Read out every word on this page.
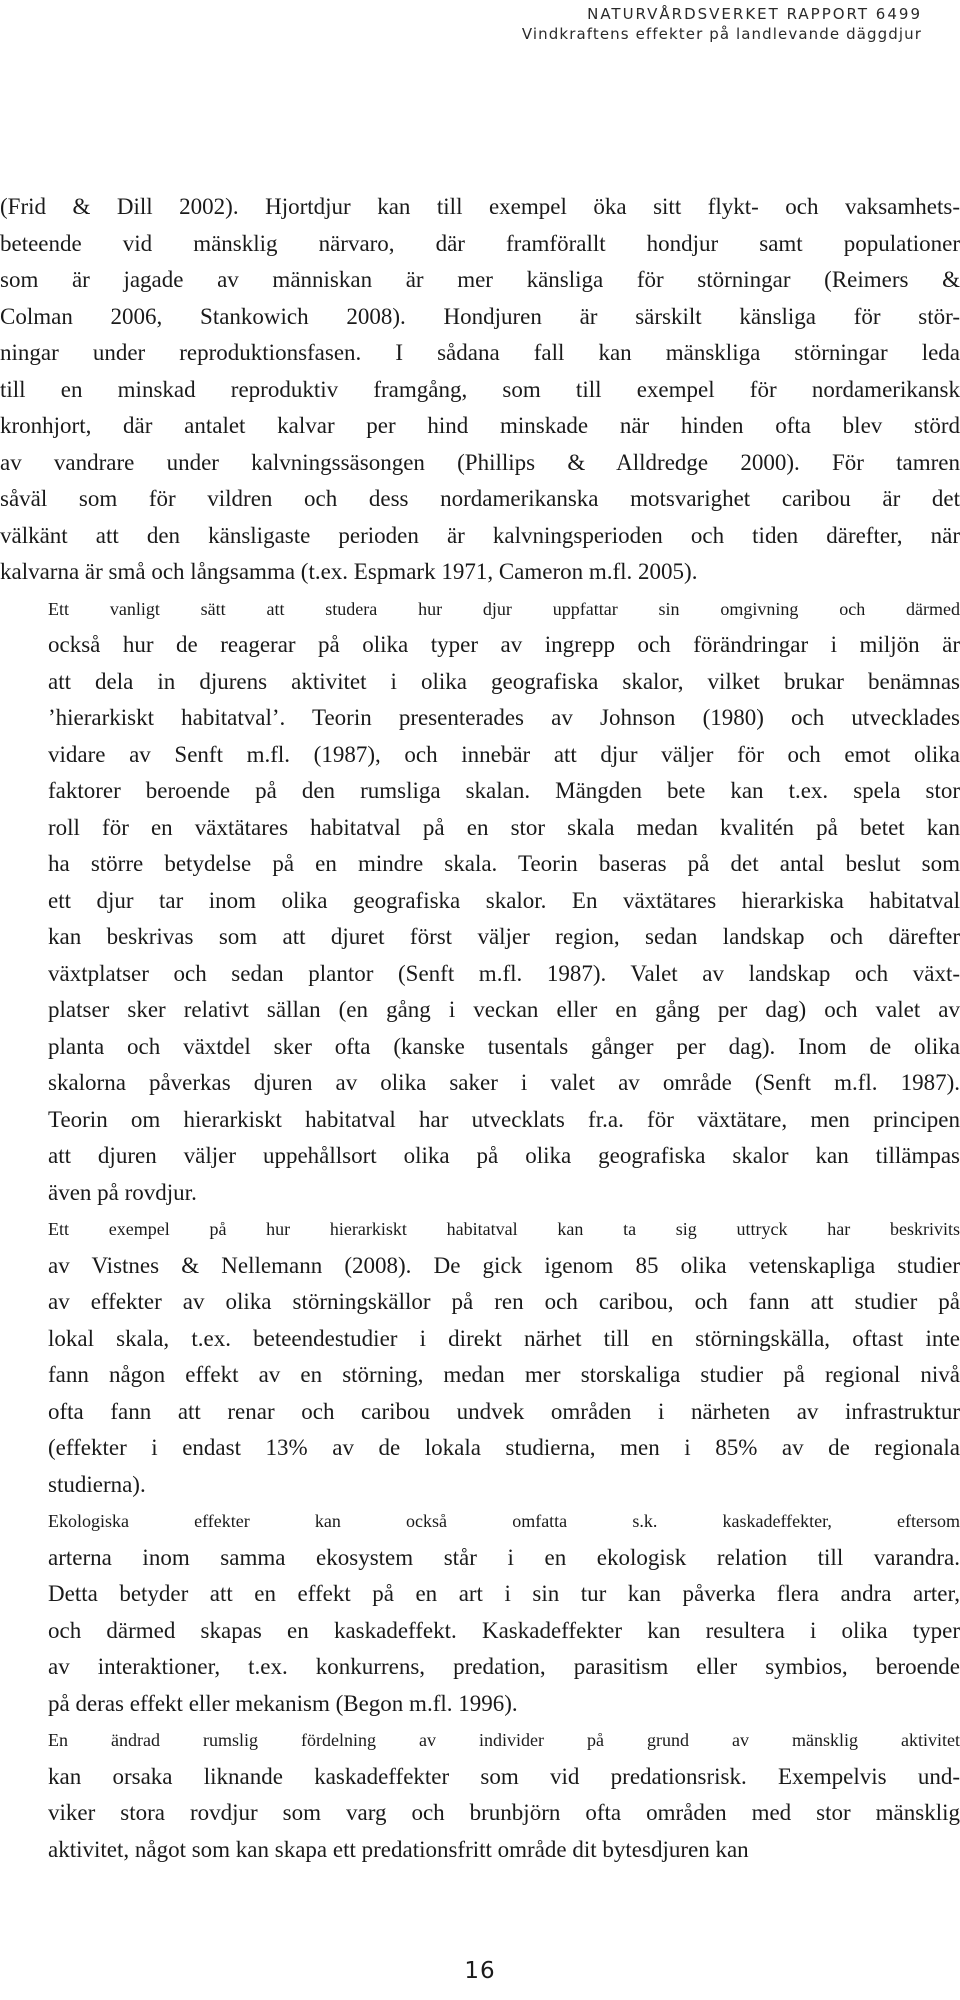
NATURVÅRDSVERKET RAPPORT 6499
Vindkraftens effekter på landlevande däggdjur

(Frid & Dill 2002). Hjortdjur kan till exempel öka sitt flykt- och vaksamhets-
beteende vid mänsklig närvaro, där framförallt hondjur samt populationer
som är jagade av människan är mer känsliga för störningar (Reimers &
Colman 2006, Stankowich 2008). Hondjuren är särskilt känsliga för stör-
ningar under reproduktionsfasen. I sådana fall kan mänskliga störningar leda
till en minskad reproduktiv framgång, som till exempel för nordamerikansk
kronhjort, där antalet kalvar per hind minskade när hinden ofta blev störd
av vandrare under kalvningssäsongen (Phillips & Alldredge 2000). För tamren
såväl som för vildren och dess nordamerikanska motsvarighet caribou är det
välkänt att den känsligaste perioden är kalvningsperioden och tiden därefter, när
kalvarna är små och långsamma (t.ex. Espmark 1971, Cameron m.fl. 2005).

Ett vanligt sätt att studera hur djur uppfattar sin omgivning och därmed
också hur de reagerar på olika typer av ingrepp och förändringar i miljön är
att dela in djurens aktivitet i olika geografiska skalor, vilket brukar benämnas
’hierarkiskt habitatval’. Teorin presenterades av Johnson (1980) och utvecklades
vidare av Senft m.fl. (1987), och innebär att djur väljer för och emot olika
faktorer beroende på den rumsliga skalan. Mängden bete kan t.ex. spela stor
roll för en växtätares habitatval på en stor skala medan kvalitén på betet kan
ha större betydelse på en mindre skala. Teorin baseras på det antal beslut som
ett djur tar inom olika geografiska skalor. En växtätares hierarkiska habitatval
kan beskrivas som att djuret först väljer region, sedan landskap och därefter
växtplatser och sedan plantor (Senft m.fl. 1987). Valet av landskap och växt-
platser sker relativt sällan (en gång i veckan eller en gång per dag) och valet av
planta och växtdel sker ofta (kanske tusentals gånger per dag). Inom de olika
skalorna påverkas djuren av olika saker i valet av område (Senft m.fl. 1987).
Teorin om hierarkiskt habitatval har utvecklats fr.a. för växtätare, men principen
att djuren väljer uppehållsort olika på olika geografiska skalor kan tillämpas
även på rovdjur.

Ett exempel på hur hierarkiskt habitatval kan ta sig uttryck har beskrivits
av Vistnes & Nellemann (2008). De gick igenom 85 olika vetenskapliga studier
av effekter av olika störningskällor på ren och caribou, och fann att studier på
lokal skala, t.ex. beteendestudier i direkt närhet till en störningskälla, oftast inte
fann någon effekt av en störning, medan mer storskaliga studier på regional nivå
ofta fann att renar och caribou undvek områden i närheten av infrastruktur
(effekter i endast 13% av de lokala studierna, men i 85% av de regionala
studierna).

Ekologiska effekter kan också omfatta s.k. kaskadeffekter, eftersom
arterna inom samma ekosystem står i en ekologisk relation till varandra.
Detta betyder att en effekt på en art i sin tur kan påverka flera andra arter,
och därmed skapas en kaskadeffekt. Kaskadeffekter kan resultera i olika typer
av interaktioner, t.ex. konkurrens, predation, parasitism eller symbios, beroende
på deras effekt eller mekanism (Begon m.fl. 1996).

En ändrad rumslig fördelning av individer på grund av mänsklig aktivitet
kan orsaka liknande kaskadeffekter som vid predationsrisk. Exempelvis und-
viker stora rovdjur som varg och brunbjörn ofta områden med stor mänsklig
aktivitet, något som kan skapa ett predationsfritt område dit bytesdjuren kan

16
